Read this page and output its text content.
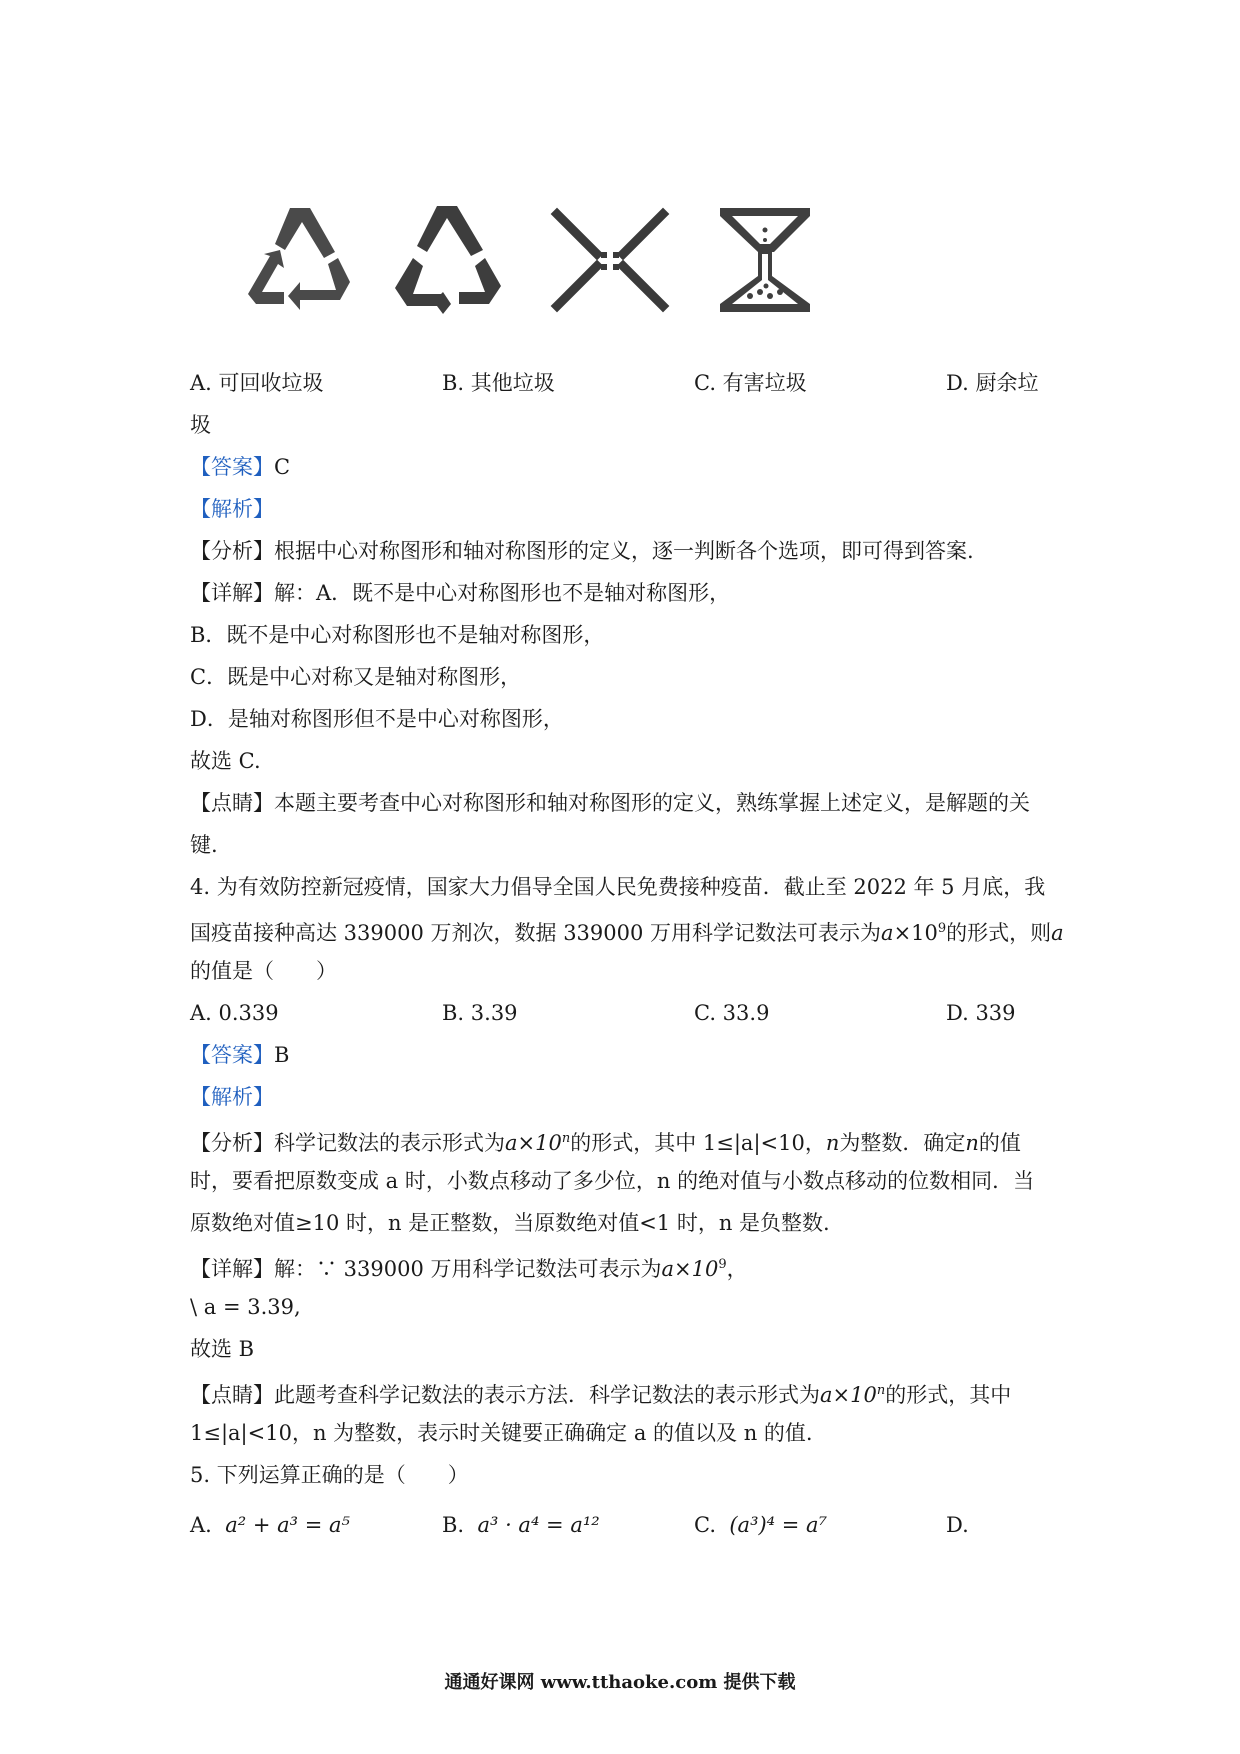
A. 可回收垃圾	B. 其他垃圾	C. 有害垃圾	D. 厨余垃
圾
【答案】C
【解析】
【分析】根据中心对称图形和轴对称图形的定义，逐一判断各个选项，即可得到答案.
【详解】解：A．既不是中心对称图形也不是轴对称图形，
B．既不是中心对称图形也不是轴对称图形，
C．既是中心对称又是轴对称图形，
D．是轴对称图形但不是中心对称图形，
故选 C.
【点睛】本题主要考查中心对称图形和轴对称图形的定义，熟练掌握上述定义，是解题的关
键.
4. 为有效防控新冠疫情，国家大力倡导全国人民免费接种疫苗．截止至 2022 年 5 月底，我
国疫苗接种高达 339000 万剂次，数据 339000 万用科学记数法可表示为$a\times 10^9$的形式，则a
的值是（　　）
A. 0.339	B. 3.39	C. 33.9	D. 339
【答案】B
【解析】
【分析】科学记数法的表示形式为$a\times 10^n$的形式，其中 1≤|a|<10，n为整数．确定n的值
时，要看把原数变成 a 时，小数点移动了多少位，n 的绝对值与小数点移动的位数相同．当
原数绝对值≥10 时，n 是正整数，当原数绝对值<1 时，n 是负整数.
【详解】解：∵ 339000 万用科学记数法可表示为$a\times 10^9$，
\ a = 3.39,
故选 B
【点睛】此题考查科学记数法的表示方法．科学记数法的表示形式为$a\times 10^n$的形式，其中
1≤|a|<10，n 为整数，表示时关键要正确确定 a 的值以及 n 的值.
5. 下列运算正确的是（　　）
A. a² + a³ = a⁵	B. a³ · a⁴ = a¹²	C. (a³)⁴ = a⁷	D.
通通好课网 www.tthaoke.com 提供下载
